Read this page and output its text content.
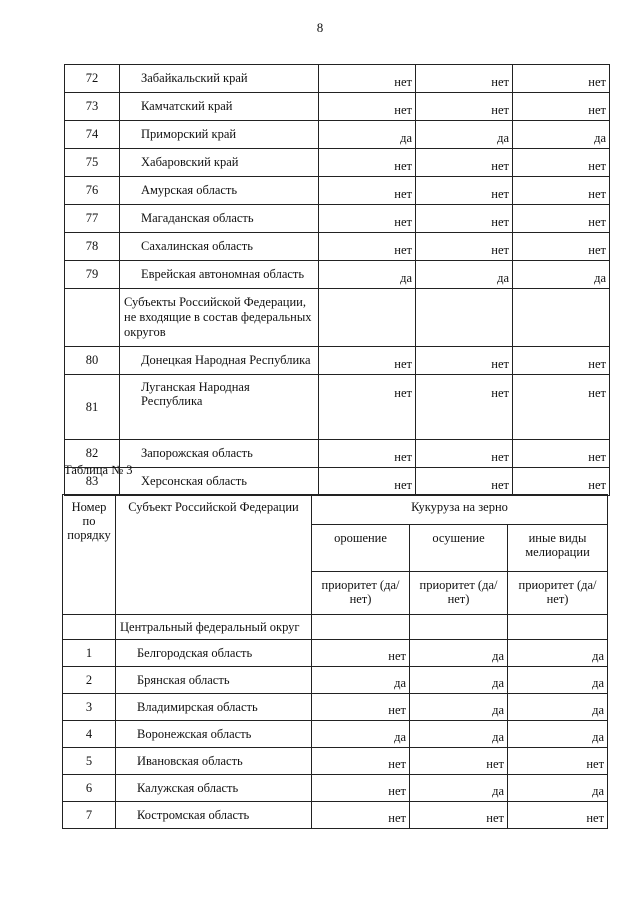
8
72	Забайкальский край	нет	нет	нет
73	Камчатский край	нет	нет	нет
74	Приморский край	да	да	да
75	Хабаровский край	нет	нет	нет
76	Амурская область	нет	нет	нет
77	Магаданская область	нет	нет	нет
78	Сахалинская область	нет	нет	нет
79	Еврейская автономная область	да	да	да
	Субъекты Российской Федерации, не входящие в состав федеральных округов			
80	Донецкая Народная Республика	нет	нет	нет
81	Луганская Народная Республика	нет	нет	нет
82	Запорожская область	нет	нет	нет
83	Херсонская область	нет	нет	нет
Таблица № 3
Номер по порядку	Субъект Российской Федерации	Кукуруза на зерно		
		орошение	осушение	иные виды мелиорации
		приоритет (да/нет)	приоритет (да/нет)	приоритет (да/нет)
	Центральный федеральный округ			
1	Белгородская область	нет	да	да
2	Брянская область	да	да	да
3	Владимирская область	нет	да	да
4	Воронежская область	да	да	да
5	Ивановская область	нет	нет	нет
6	Калужская область	нет	да	да
7	Костромская область	нет	нет	нет
